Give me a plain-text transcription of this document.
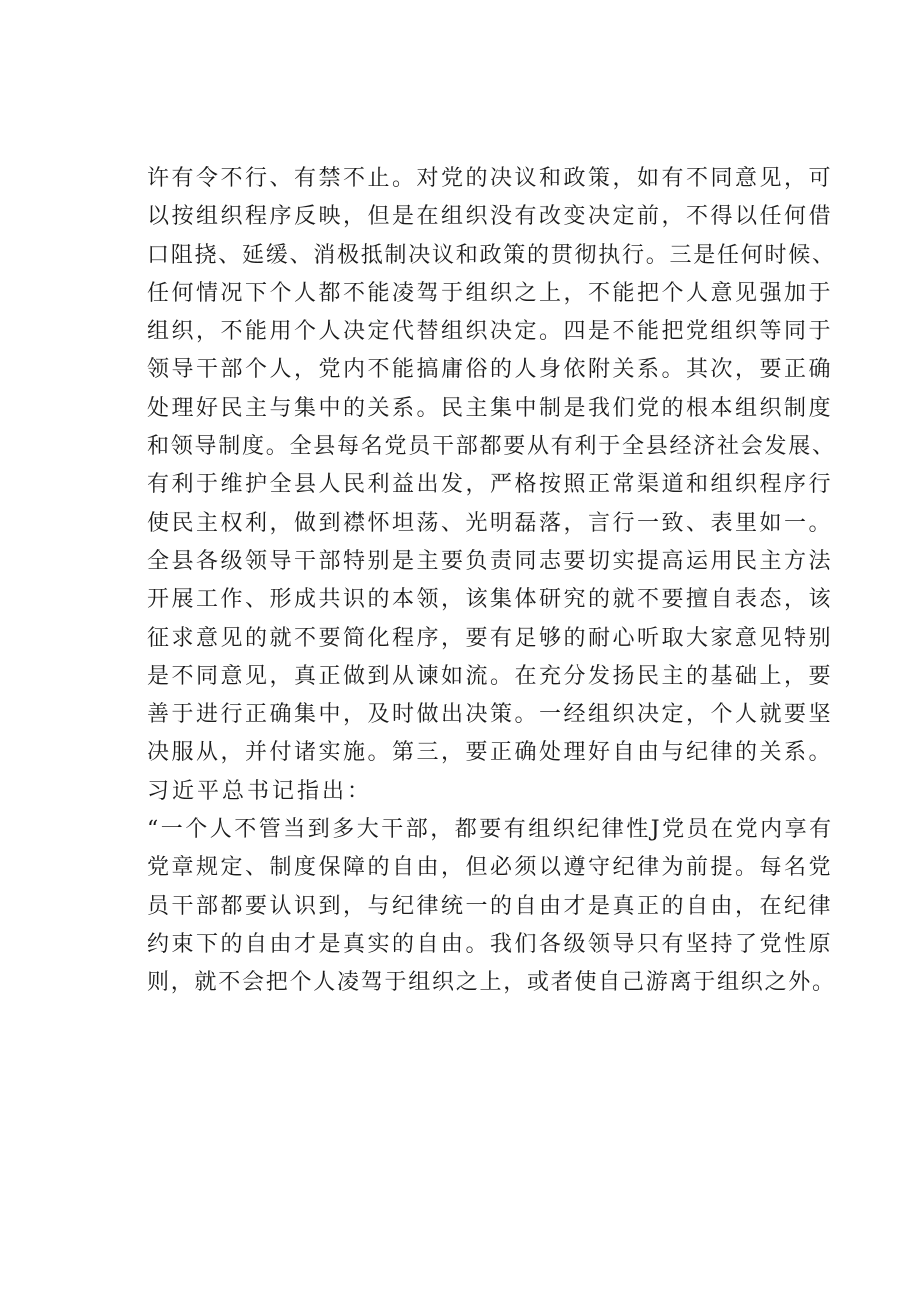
许有令不行、有禁不止。对党的决议和政策，如有不同意见，可
以按组织程序反映，但是在组织没有改变决定前，不得以任何借
口阻挠、延缓、消极抵制决议和政策的贯彻执行。三是任何时候、
任何情况下个人都不能凌驾于组织之上，不能把个人意见强加于
组织，不能用个人决定代替组织决定。四是不能把党组织等同于
领导干部个人，党内不能搞庸俗的人身依附关系。其次，要正确
处理好民主与集中的关系。民主集中制是我们党的根本组织制度
和领导制度。全县每名党员干部都要从有利于全县经济社会发展、
有利于维护全县人民利益出发，严格按照正常渠道和组织程序行
使民主权利，做到襟怀坦荡、光明磊落，言行一致、表里如一。
全县各级领导干部特别是主要负责同志要切实提高运用民主方法
开展工作、形成共识的本领，该集体研究的就不要擅自表态，该
征求意见的就不要简化程序，要有足够的耐心听取大家意见特别
是不同意见，真正做到从谏如流。在充分发扬民主的基础上，要
善于进行正确集中，及时做出决策。一经组织决定，个人就要坚
决服从，并付诸实施。第三，要正确处理好自由与纪律的关系。
习近平总书记指出：
“一个人不管当到多大干部，都要有组织纪律性J党员在党内享有
党章规定、制度保障的自由，但必须以遵守纪律为前提。每名党
员干部都要认识到，与纪律统一的自由才是真正的自由，在纪律
约束下的自由才是真实的自由。我们各级领导只有坚持了党性原
则，就不会把个人凌驾于组织之上，或者使自己游离于组织之外。
